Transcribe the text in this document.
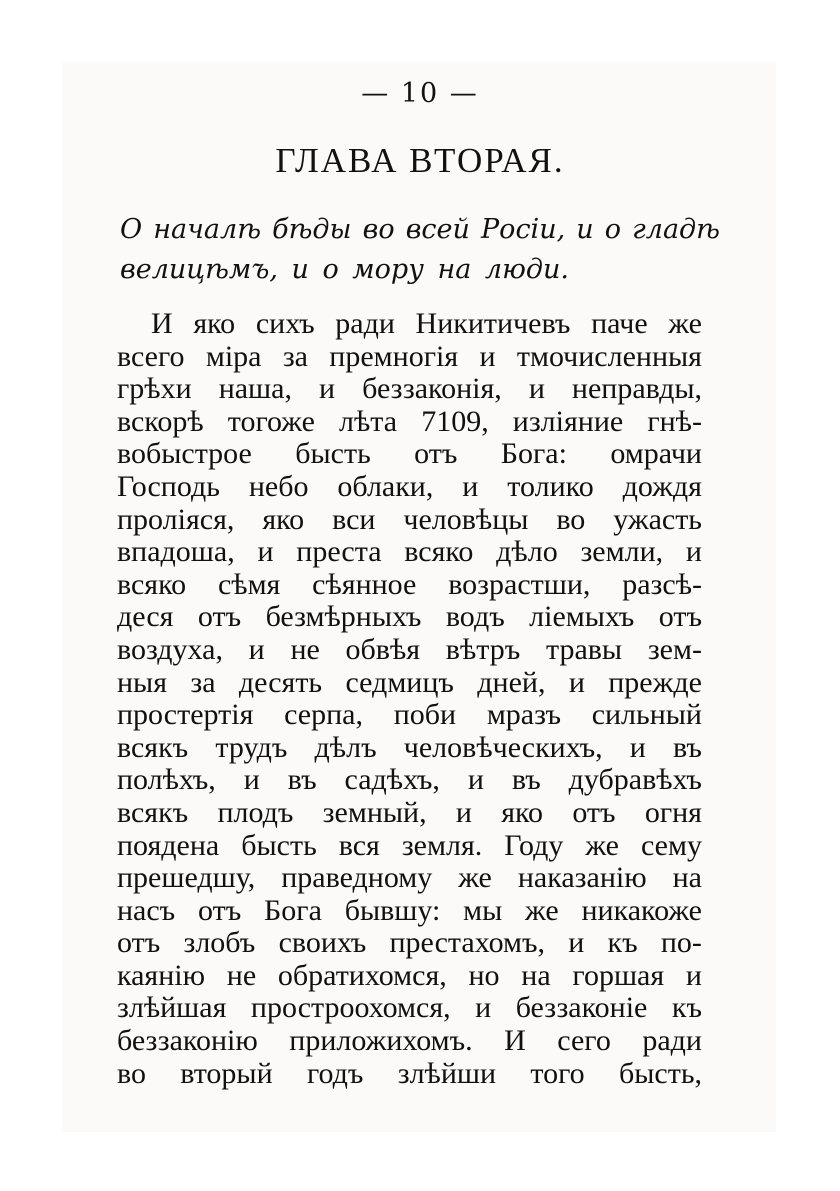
— 10 —
ГЛАВА ВТОРАЯ.
О началѣ бѣды во всей Росіи, и о гладѣ
велицѣмъ, и о мору на люди.
И яко сихъ ради Никитичевъ паче же
всего міра за премногія и тмочисленныя
грѣхи наша, и беззаконія, и неправды,
вскорѣ тогоже лѣта 7109, изліяние гнѣ-
вобыстрое бысть отъ Бога: омрачи
Господь небо облаки, и толико дождя
проліяся, яко вси человѣцы во ужасть
впадоша, и преста всяко дѣло земли, и
всяко сѣмя сѣянное возрастши, разсѣ-
деся отъ безмѣрныхъ водъ ліемыхъ отъ
воздуха, и не обвѣя вѣтръ травы зем-
ныя за десять седмицъ дней, и прежде
простертія серпа, поби мразъ сильный
всякъ трудъ дѣлъ человѣческихъ, и въ
полѣхъ, и въ садѣхъ, и въ дубравѣхъ
всякъ плодъ земный, и яко отъ огня
поядена бысть вся земля. Году же сему
прешедшу, праведному же наказанію на
насъ отъ Бога бывшу: мы же никакоже
отъ злобъ своихъ престахомъ, и къ по-
каянію не обратихомся, но на горшая и
злѣйшая простроохомся, и беззаконіе къ
беззаконію приложихомъ. И сего ради
во вторый годъ злѣйши того бысть,
